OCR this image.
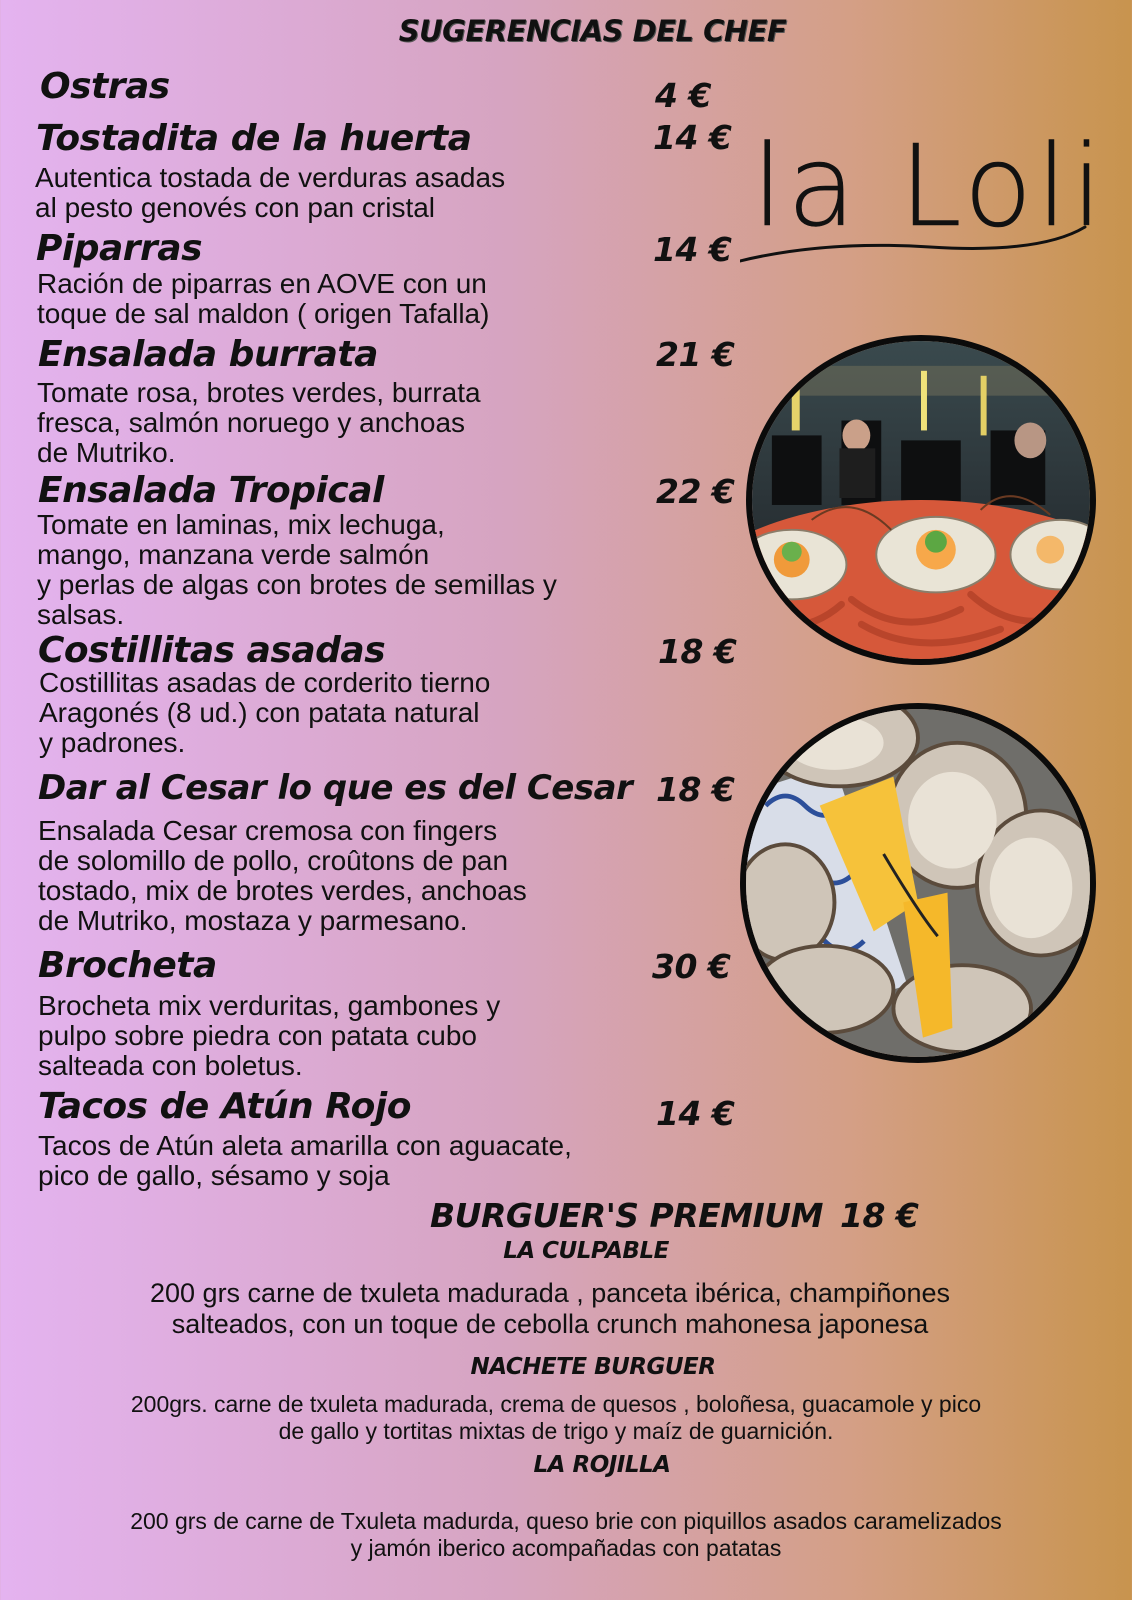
SUGERENCIAS DEL CHEF
la Loli
Ostras	4 €
Tostadita de la huerta	14 €
Autentica tostada de verduras asadas
al pesto genovés con pan cristal
Piparras	14 €
Ración de piparras en AOVE con un
toque de sal maldon ( origen Tafalla)
Ensalada burrata	21 €
Tomate rosa, brotes verdes, burrata
fresca, salmón noruego y anchoas
de Mutriko.
Ensalada Tropical	22 €
Tomate en laminas, mix lechuga,
mango, manzana verde salmón
y perlas de algas con brotes de semillas y
salsas.
Costillitas asadas	18 €
Costillitas asadas de corderito tierno
Aragonés (8 ud.) con patata natural
y padrones.
Dar al Cesar lo que es del Cesar 18 €
Ensalada Cesar cremosa con fingers
de solomillo de pollo, croûtons de pan
tostado, mix de brotes verdes, anchoas
de Mutriko, mostaza y parmesano.
Brocheta	30 €
Brocheta mix verduritas, gambones y
pulpo sobre piedra con patata cubo
salteada con boletus.
Tacos de Atún Rojo	14 €
Tacos de Atún aleta amarilla con aguacate,
pico de gallo, sésamo y soja
BURGUER'S PREMIUM 18 €
LA CULPABLE
200 grs carne de txuleta madurada , panceta ibérica, champiñones
salteados, con un toque de cebolla crunch mahonesa japonesa
NACHETE BURGUER
200grs. carne de txuleta madurada, crema de quesos , boloñesa, guacamole y pico
de gallo y tortitas mixtas de trigo y maíz de guarnición.
LA ROJILLA
200 grs de carne de Txuleta madurda, queso brie con piquillos asados caramelizados
y jamón iberico acompañadas con patatas
